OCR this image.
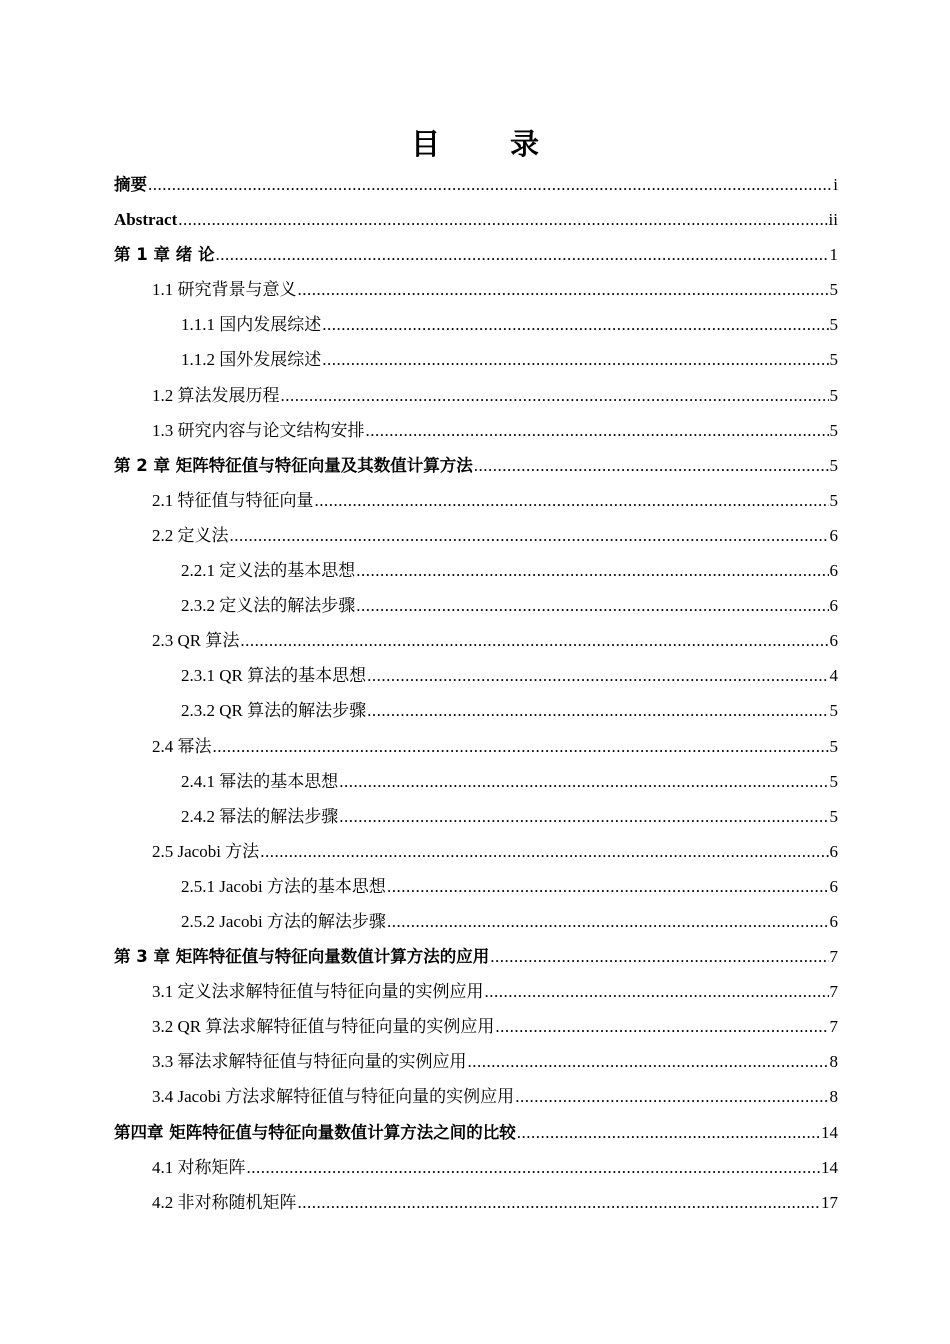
目 录
摘要 .....	i
Abstract .....	ii
第 1 章 绪 论 .....	1
1.1 研究背景与意义 .....	5
1.1.1 国内发展综述 .....	5
1.1.2 国外发展综述 .....	5
1.2 算法发展历程 .....	5
1.3 研究内容与论文结构安排 .....	5
第 2 章 矩阵特征值与特征向量及其数值计算方法 .....	5
2.1 特征值与特征向量 .....	5
2.2 定义法 .....	6
2.2.1 定义法的基本思想 .....	6
2.3.2 定义法的解法步骤 .....	6
2.3 QR 算法 .....	6
2.3.1 QR 算法的基本思想 .....	4
2.3.2 QR 算法的解法步骤 .....	5
2.4 幂法 .....	5
2.4.1 幂法的基本思想 .....	5
2.4.2 幂法的解法步骤 .....	5
2.5 Jacobi 方法 .....	6
2.5.1 Jacobi 方法的基本思想 .....	6
2.5.2 Jacobi 方法的解法步骤 .....	6
第 3 章 矩阵特征值与特征向量数值计算方法的应用 .....	7
3.1 定义法求解特征值与特征向量的实例应用 .....	7
3.2 QR 算法求解特征值与特征向量的实例应用 .....	7
3.3 幂法求解特征值与特征向量的实例应用 .....	8
3.4 Jacobi 方法求解特征值与特征向量的实例应用 .....	8
第四章 矩阵特征值与特征向量数值计算方法之间的比较 .....	14
4.1 对称矩阵 .....	14
4.2 非对称随机矩阵 .....	17
